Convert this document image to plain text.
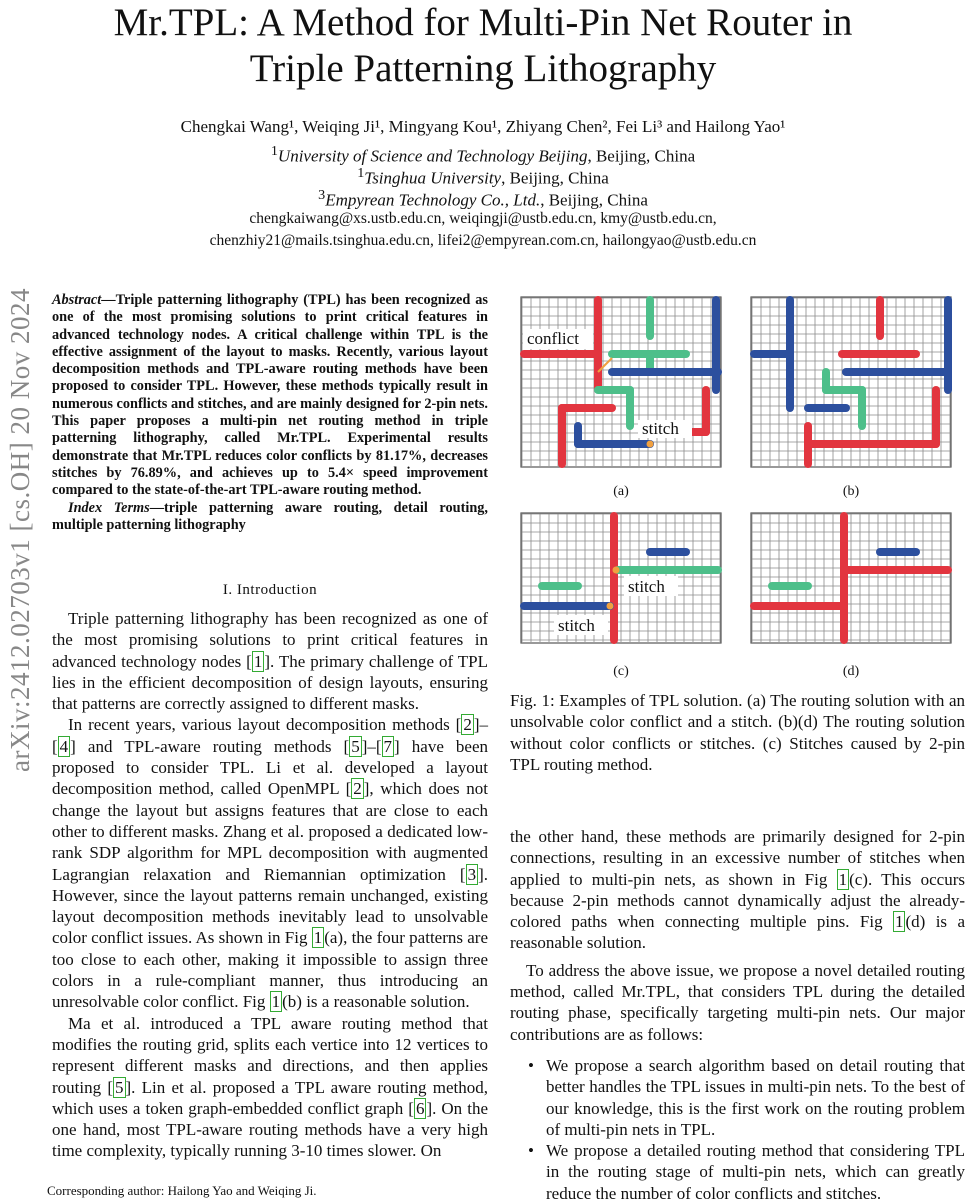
Mr.TPL: A Method for Multi-Pin Net Router in
Triple Patterning Lithography
Chengkai Wang¹, Weiqing Ji¹, Mingyang Kou¹, Zhiyang Chen², Fei Li³ and Hailong Yao¹
$^1$University of Science and Technology Beijing, Beijing, China
$^1$Tsinghua University, Beijing, China
$^3$Empyrean Technology Co., Ltd., Beijing, China
chengkaiwang@xs.ustb.edu.cn, weiqingji@ustb.edu.cn, kmy@ustb.edu.cn,
chenzhiy21@mails.tsinghua.edu.cn, lifei2@empyrean.com.cn, hailongyao@ustb.edu.cn
arXiv:2412.02703v1 [cs.OH] 20 Nov 2024 Abstract—Triple patterning lithography (TPL) has been recognized as one of the most promising solutions to print critical features in advanced technology nodes. A critical challenge within TPL is the effective assignment of the layout to masks. Recently, various layout decomposition methods and TPL-aware routing methods have been proposed to consider TPL. However, these methods typically result in numerous conflicts and stitches, and are mainly designed for 2-pin nets. This paper proposes a multi-pin net routing method in triple patterning lithography, called Mr.TPL. Experimental results demonstrate that Mr.TPL reduces color conflicts by 81.17%, decreases stitches by 76.89%, and achieves up to 5.4× speed improvement compared to the state-of-the-art TPL-aware routing method.
Index Terms—triple patterning aware routing, detail routing, multiple patterning lithography
I. Introduction

Triple patterning lithography has been recognized as one of the most promising solutions to print critical features in advanced technology nodes [ 1 ]. The primary challenge of TPL lies in the efficient decomposition of design layouts, ensuring that patterns are correctly assigned to different masks.

In recent years, various layout decomposition methods [ 2 ]–[ 4 ] and TPL-aware routing methods [ 5 ]–[ 7 ] have been proposed to consider TPL. Li et al. developed a layout decomposition method, called OpenMPL [ 2 ], which does not change the layout but assigns features that are close to each other to different masks. Zhang et al. proposed a dedicated low-rank SDP algorithm for MPL decomposition with augmented Lagrangian relaxation and Riemannian optimization [ 3 ]. However, since the layout patterns remain unchanged, existing layout decomposition methods inevitably lead to unsolvable color conflict issues. As shown in Fig 1 (a), the four patterns are too close to each other, making it impossible to assign three colors in a rule-compliant manner, thus introducing an unresolvable color conflict. Fig 1 (b) is a reasonable solution.

Ma et al. introduced a TPL aware routing method that modifies the routing grid, splits each vertice into 12 vertices to represent different masks and directions, and then applies routing [ 5 ]. Lin et al. proposed a TPL aware routing method, which uses a token graph-embedded conflict graph [ 6 ]. On the one hand, most TPL-aware routing methods have a very high time complexity, typically running 3-10 times slower. On

Corresponding author: Hailong Yao and Weiqing Ji.
conflict
stitch
(a)	(b)
stitch
stitch
(c)	(d)
Fig. 1: Examples of TPL solution. (a) The routing solution with an unsolvable color conflict and a stitch. (b)(d) The routing solution without color conflicts or stitches. (c) Stitches caused by 2-pin TPL routing method.

the other hand, these methods are primarily designed for 2-pin connections, resulting in an excessive number of stitches when applied to multi-pin nets, as shown in Fig 1 (c). This occurs because 2-pin methods cannot dynamically adjust the already-colored paths when connecting multiple pins. Fig 1 (d) is a reasonable solution.

To address the above issue, we propose a novel detailed routing method, called Mr.TPL, that considers TPL during the detailed routing phase, specifically targeting multi-pin nets. Our major contributions are as follows:

• We propose a search algorithm based on detail routing that better handles the TPL issues in multi-pin nets. To the best of our knowledge, this is the first work on the routing problem of multi-pin nets in TPL.
• We propose a detailed routing method that considering TPL in the routing stage of multi-pin nets, which can greatly reduce the number of color conflicts and stitches.
